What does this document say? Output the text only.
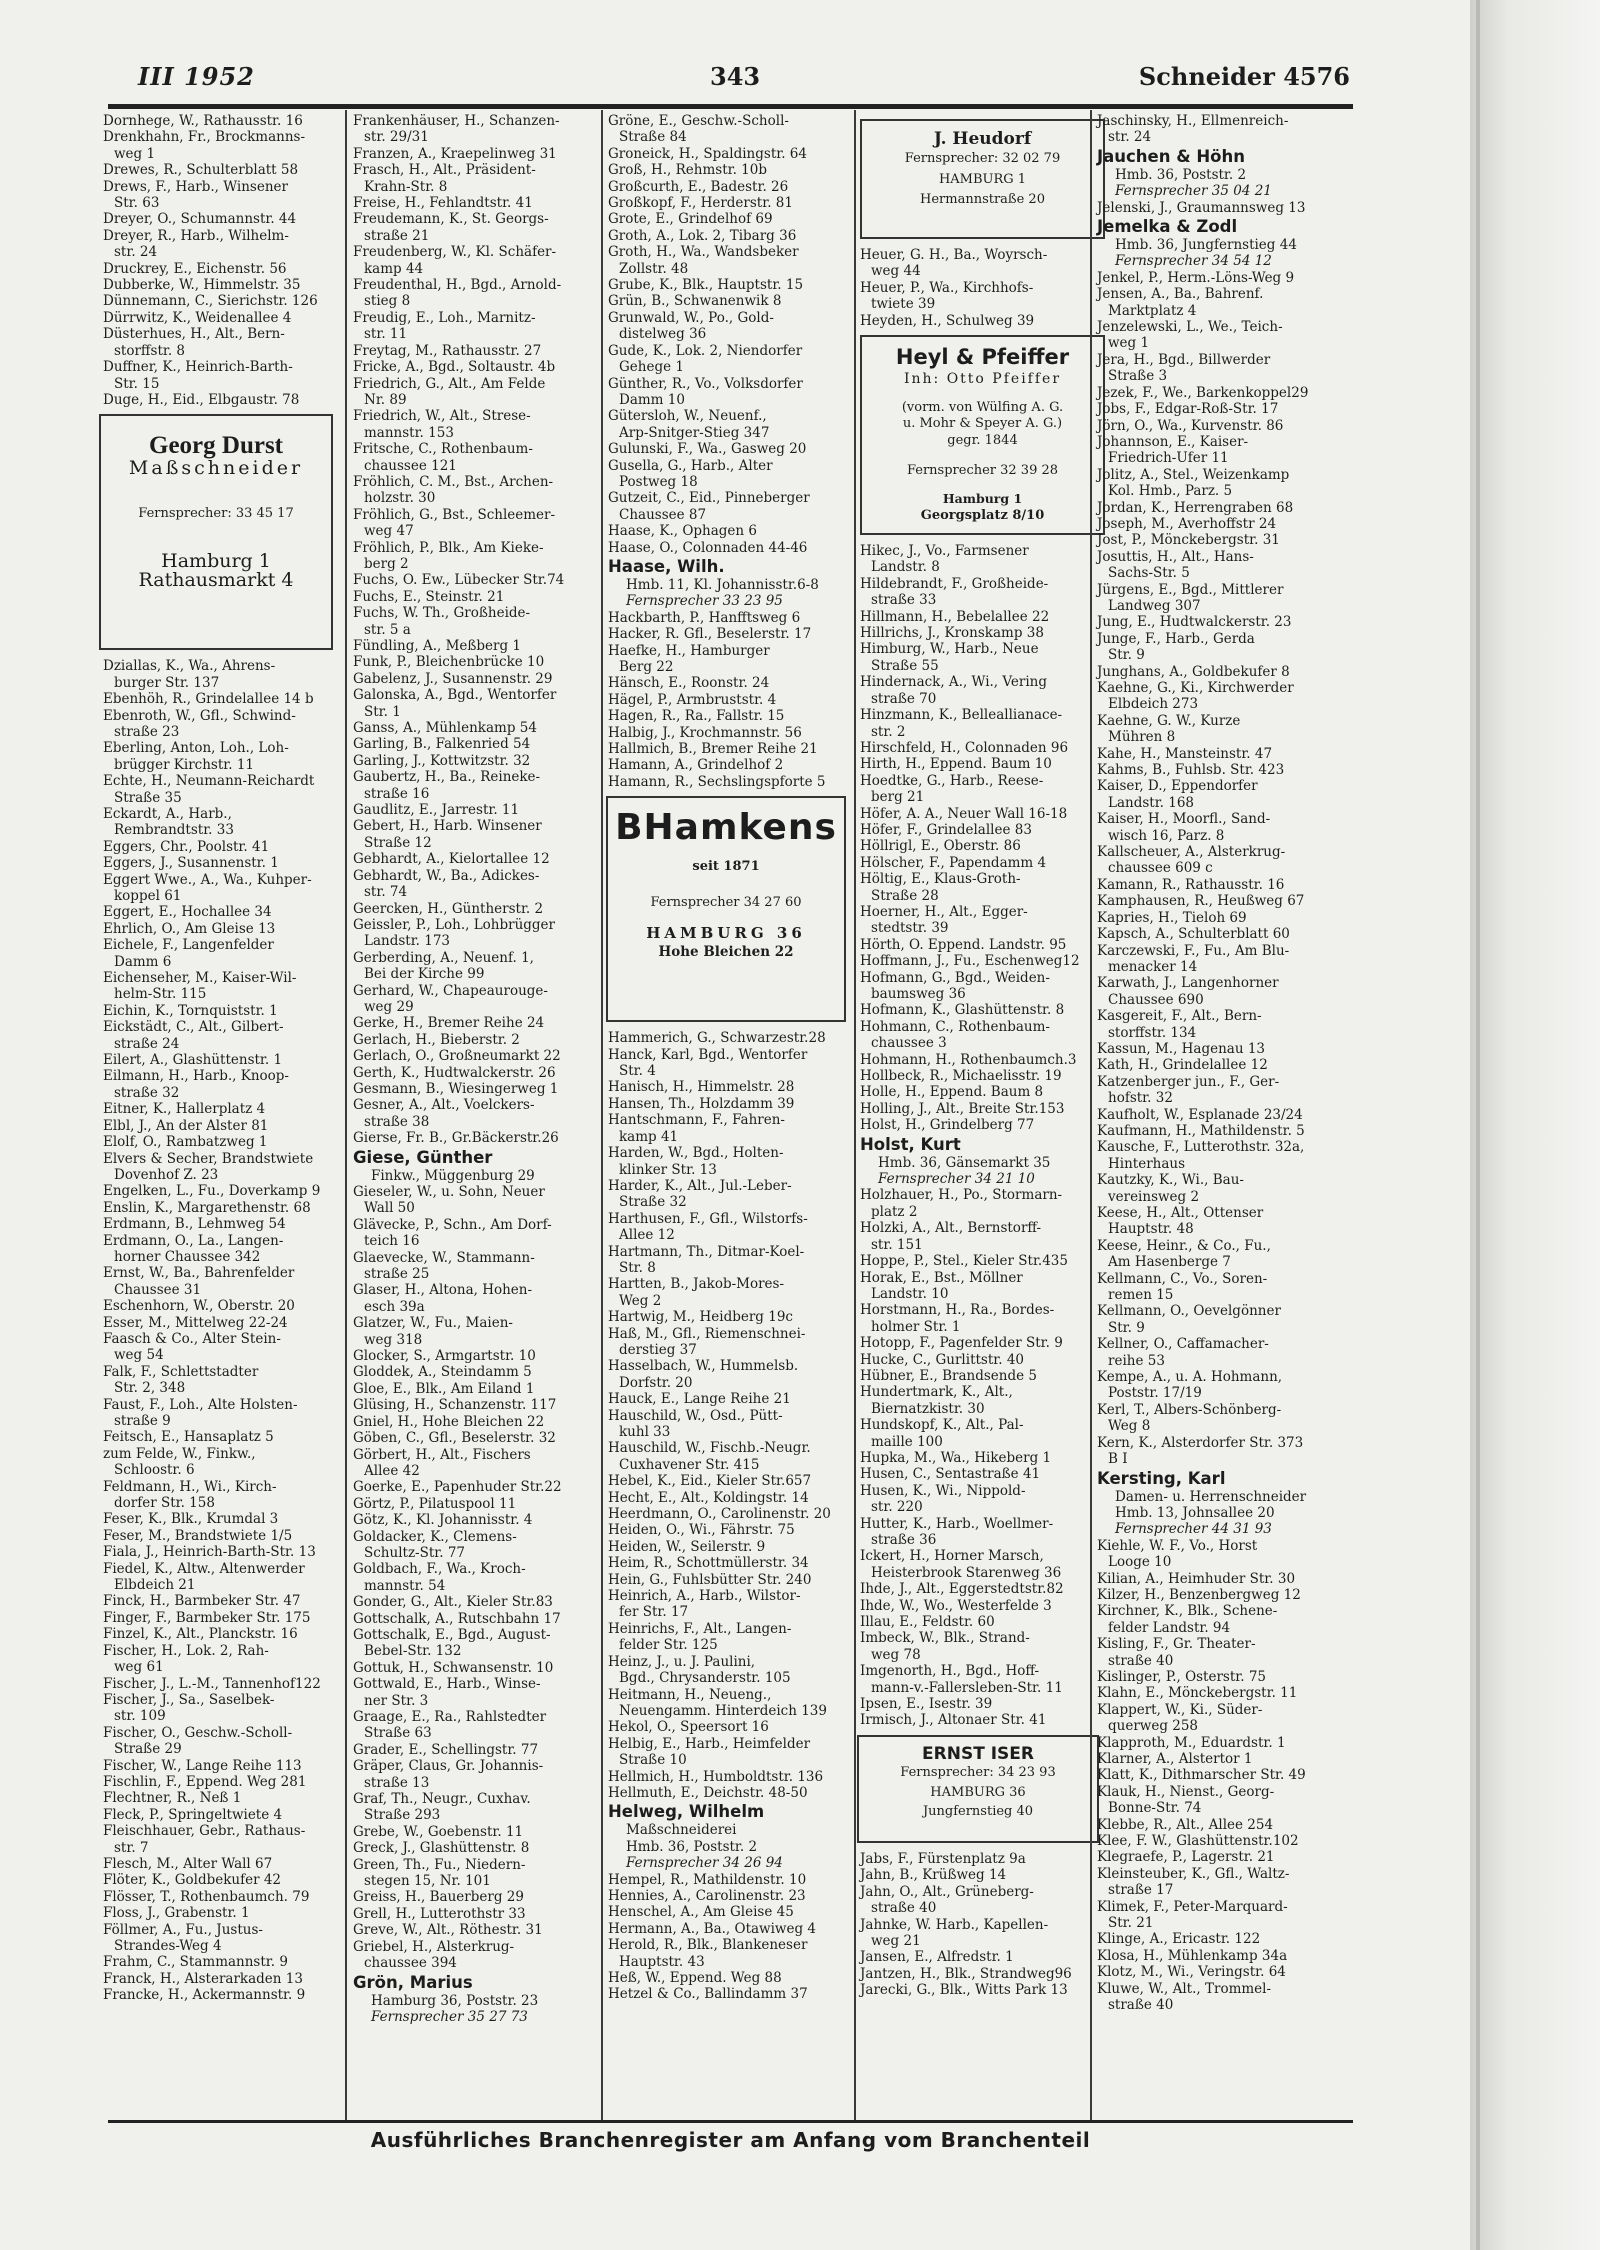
III 1952	343	Schneider 4576

Dornhege, W., Rathausstr. 16

Drenkhahn, Fr., Brockmanns-
weg 1

Drewes, R., Schulterblatt 58

Drews, F., Harb., Winsener
Str. 63

Dreyer, O., Schumannstr. 44

Dreyer, R., Harb., Wilhelm-
str. 24

Druckrey, E., Eichenstr. 56

Dubberke, W., Himmelstr. 35

Dünnemann, C., Sierichstr. 126

Dürrwitz, K., Weidenallee 4

Düsterhues, H., Alt., Bern-
storffstr. 8

Duffner, K., Heinrich-Barth-
Str. 15

Duge, H., Eid., Elbgaustr. 78

Georg Durst
Maßschneider
Fernsprecher: 33 45 17
Hamburg 1
Rathausmarkt 4

Dziallas, K., Wa., Ahrens-
burger Str. 137

Ebenhöh, R., Grindelallee 14 b

Ebenroth, W., Gfl., Schwind-
straße 23

Eberling, Anton, Loh., Loh-
brügger Kirchstr. 11

Echte, H., Neumann-Reichardt
Straße 35

Eckardt, A., Harb.,
Rembrandtstr. 33

Eggers, Chr., Poolstr. 41

Eggers, J., Susannenstr. 1

Eggert Wwe., A., Wa., Kuhper-
koppel 61

Eggert, E., Hochallee 34

Ehrlich, O., Am Gleise 13

Eichele, F., Langenfelder
Damm 6

Eichenseher, M., Kaiser-Wil-
helm-Str. 115

Eichin, K., Tornquiststr. 1

Eickstädt, C., Alt., Gilbert-
straße 24

Eilert, A., Glashüttenstr. 1

Eilmann, H., Harb., Knoop-
straße 32

Eitner, K., Hallerplatz 4

Elbl, J., An der Alster 81

Elolf, O., Rambatzweg 1

Elvers & Secher, Brandstwiete
Dovenhof Z. 23

Engelken, L., Fu., Doverkamp 9

Enslin, K., Margarethenstr. 68

Erdmann, B., Lehmweg 54

Erdmann, O., La., Langen-
horner Chaussee 342

Ernst, W., Ba., Bahrenfelder
Chaussee 31

Eschenhorn, W., Oberstr. 20

Esser, M., Mittelweg 22-24

Faasch & Co., Alter Stein-
weg 54

Falk, F., Schlettstadter
Str. 2, 348

Faust, F., Loh., Alte Holsten-
straße 9

Feitsch, E., Hansaplatz 5

zum Felde, W., Finkw.,
Schloostr. 6

Feldmann, H., Wi., Kirch-
dorfer Str. 158

Feser, K., Blk., Krumdal 3

Feser, M., Brandstwiete 1/5

Fiala, J., Heinrich-Barth-Str. 13

Fiedel, K., Altw., Altenwerder
Elbdeich 21

Finck, H., Barmbeker Str. 47

Finger, F., Barmbeker Str. 175

Finzel, K., Alt., Planckstr. 16

Fischer, H., Lok. 2, Rah-
weg 61

Fischer, J., L.-M., Tannenhof122

Fischer, J., Sa., Saselbek-
str. 109

Fischer, O., Geschw.-Scholl-
Straße 29

Fischer, W., Lange Reihe 113

Fischlin, F., Eppend. Weg 281

Flechtner, R., Neß 1

Fleck, P., Springeltwiete 4

Fleischhauer, Gebr., Rathaus-
str. 7

Flesch, M., Alter Wall 67

Flöter, K., Goldbekufer 42

Flösser, T., Rothenbaumch. 79

Floss, J., Grabenstr. 1

Föllmer, A., Fu., Justus-
Strandes-Weg 4

Frahm, C., Stammannstr. 9

Franck, H., Alsterarkaden 13

Francke, H., Ackermannstr. 9

Frankenhäuser, H., Schanzen-
str. 29/31

Franzen, A., Kraepelinweg 31

Frasch, H., Alt., Präsident-
Krahn-Str. 8

Freise, H., Fehlandtstr. 41

Freudemann, K., St. Georgs-
straße 21

Freudenberg, W., Kl. Schäfer-
kamp 44

Freudenthal, H., Bgd., Arnold-
stieg 8

Freudig, E., Loh., Marnitz-
str. 11

Freytag, M., Rathausstr. 27

Fricke, A., Bgd., Soltaustr. 4b

Friedrich, G., Alt., Am Felde
Nr. 89

Friedrich, W., Alt., Strese-
mannstr. 153

Fritsche, C., Rothenbaum-
chaussee 121

Fröhlich, C. M., Bst., Archen-
holzstr. 30

Fröhlich, G., Bst., Schleemer-
weg 47

Fröhlich, P., Blk., Am Kieke-
berg 2

Fuchs, O. Ew., Lübecker Str.74

Fuchs, E., Steinstr. 21

Fuchs, W. Th., Großheide-
str. 5 a

Fündling, A., Meßberg 1

Funk, P., Bleichenbrücke 10

Gabelenz, J., Susannenstr. 29

Galonska, A., Bgd., Wentorfer
Str. 1

Ganss, A., Mühlenkamp 54

Garling, B., Falkenried 54

Garling, J., Kottwitzstr. 32

Gaubertz, H., Ba., Reineke-
straße 16

Gaudlitz, E., Jarrestr. 11

Gebert, H., Harb. Winsener
Straße 12

Gebhardt, A., Kielortallee 12

Gebhardt, W., Ba., Adickes-
str. 74

Geercken, H., Güntherstr. 2

Geissler, P., Loh., Lohbrügger
Landstr. 173

Gerberding, A., Neuenf. 1,
Bei der Kirche 99

Gerhard, W., Chapeaurouge-
weg 29

Gerke, H., Bremer Reihe 24

Gerlach, H., Bieberstr. 2

Gerlach, O., Großneumarkt 22

Gerth, K., Hudtwalckerstr. 26

Gesmann, B., Wiesingerweg 1

Gesner, A., Alt., Voelckers-
straße 38

Gierse, Fr. B., Gr.Bäckerstr.26

Giese, Günther

Finkw., Müggenburg 29

Gieseler, W., u. Sohn, Neuer
Wall 50

Glävecke, P., Schn., Am Dorf-
teich 16

Glaevecke, W., Stammann-
straße 25

Glaser, H., Altona, Hohen-
esch 39a

Glatzer, W., Fu., Maien-
weg 318

Glocker, S., Armgartstr. 10

Gloddek, A., Steindamm 5

Gloe, E., Blk., Am Eiland 1

Glüsing, H., Schanzenstr. 117

Gniel, H., Hohe Bleichen 22

Göben, C., Gfl., Beselerstr. 32

Görbert, H., Alt., Fischers
Allee 42

Goerke, E., Papenhuder Str.22

Görtz, P., Pilatuspool 11

Götz, K., Kl. Johannisstr. 4

Goldacker, K., Clemens-
Schultz-Str. 77

Goldbach, F., Wa., Kroch-
mannstr. 54

Gonder, G., Alt., Kieler Str.83

Gottschalk, A., Rutschbahn 17

Gottschalk, E., Bgd., August-
Bebel-Str. 132

Gottuk, H., Schwansenstr. 10

Gottwald, E., Harb., Winse-
ner Str. 3

Graage, E., Ra., Rahlstedter
Straße 63

Grader, E., Schellingstr. 77

Gräper, Claus, Gr. Johannis-
straße 13

Graf, Th., Neugr., Cuxhav.
Straße 293

Grebe, W., Goebenstr. 11

Greck, J., Glashüttenstr. 8

Green, Th., Fu., Niedern-
stegen 15, Nr. 101

Greiss, H., Bauerberg 29

Grell, H., Lutterothstr 33

Greve, W., Alt., Röthestr. 31

Griebel, H., Alsterkrug-
chaussee 394

Grön, Marius

Hamburg 36, Poststr. 23

Fernsprecher 35 27 73

Gröne, E., Geschw.-Scholl-
Straße 84

Groneick, H., Spaldingstr. 64

Groß, H., Rehmstr. 10b

Großcurth, E., Badestr. 26

Großkopf, F., Herderstr. 81

Grote, E., Grindelhof 69

Groth, A., Lok. 2, Tibarg 36

Groth, H., Wa., Wandsbeker
Zollstr. 48

Grube, K., Blk., Hauptstr. 15

Grün, B., Schwanenwik 8

Grunwald, W., Po., Gold-
distelweg 36

Gude, K., Lok. 2, Niendorfer
Gehege 1

Günther, R., Vo., Volksdorfer
Damm 10

Gütersloh, W., Neuenf.,
Arp-Snitger-Stieg 347

Gulunski, F., Wa., Gasweg 20

Gusella, G., Harb., Alter
Postweg 18

Gutzeit, C., Eid., Pinneberger
Chaussee 87

Haase, K., Ophagen 6

Haase, O., Colonnaden 44-46

Haase, Wilh.

Hmb. 11, Kl. Johannisstr.6-8

Fernsprecher 33 23 95

Hackbarth, P., Hanfftsweg 6

Hacker, R. Gfl., Beselerstr. 17

Haefke, H., Hamburger
Berg 22

Hänsch, E., Roonstr. 24

Hägel, P., Armbruststr. 4

Hagen, R., Ra., Fallstr. 15

Halbig, J., Krochmannstr. 56

Hallmich, B., Bremer Reihe 21

Hamann, A., Grindelhof 2

Hamann, R., Sechslingspforte 5

BHamkens
seit 1871
Fernsprecher 34 27 60
HAMBURG 36
Hohe Bleichen 22

Hammerich, G., Schwarzestr.28

Hanck, Karl, Bgd., Wentorfer
Str. 4

Hanisch, H., Himmelstr. 28

Hansen, Th., Holzdamm 39

Hantschmann, F., Fahren-
kamp 41

Harden, W., Bgd., Holten-
klinker Str. 13

Harder, K., Alt., Jul.-Leber-
Straße 32

Harthusen, F., Gfl., Wilstorfs-
Allee 12

Hartmann, Th., Ditmar-Koel-
Str. 8

Hartten, B., Jakob-Mores-
Weg 2

Hartwig, M., Heidberg 19c

Haß, M., Gfl., Riemenschnei-
derstieg 37

Hasselbach, W., Hummelsb.
Dorfstr. 20

Hauck, E., Lange Reihe 21

Hauschild, W., Osd., Pütt-
kuhl 33

Hauschild, W., Fischb.-Neugr.
Cuxhavener Str. 415

Hebel, K., Eid., Kieler Str.657

Hecht, E., Alt., Koldingstr. 14

Heerdmann, O., Carolinenstr. 20

Heiden, O., Wi., Fährstr. 75

Heiden, W., Seilerstr. 9

Heim, R., Schottmüllerstr. 34

Hein, G., Fuhlsbütter Str. 240

Heinrich, A., Harb., Wilstor-
fer Str. 17

Heinrichs, F., Alt., Langen-
felder Str. 125

Heinz, J., u. J. Paulini,
Bgd., Chrysanderstr. 105

Heitmann, H., Neueng.,
Neuengamm. Hinterdeich 139

Hekol, O., Speersort 16

Helbig, E., Harb., Heimfelder
Straße 10

Hellmich, H., Humboldtstr. 136

Hellmuth, E., Deichstr. 48-50

Helweg, Wilhelm

Maßschneiderei
Hmb. 36, Poststr. 2

Fernsprecher 34 26 94

Hempel, R., Mathildenstr. 10

Hennies, A., Carolinenstr. 23

Henschel, A., Am Gleise 45

Hermann, A., Ba., Otawiweg 4

Herold, R., Blk., Blankeneser
Hauptstr. 43

Heß, W., Eppend. Weg 88

Hetzel & Co., Ballindamm 37

J. Heudorf
Fernsprecher: 32 02 79
HAMBURG 1
Hermannstraße 20

Heuer, G. H., Ba., Woyrsch-
weg 44

Heuer, P., Wa., Kirchhofs-
twiete 39

Heyden, H., Schulweg 39

Heyl & Pfeiffer
Inh: Otto Pfeiffer
(vorm. von Wülfing A. G.
u. Mohr & Speyer A. G.)
gegr. 1844
Fernsprecher 32 39 28
Hamburg 1
Georgsplatz 8/10

Hikec, J., Vo., Farmsener
Landstr. 8

Hildebrandt, F., Großheide-
straße 33

Hillmann, H., Bebelallee 22

Hillrichs, J., Kronskamp 38

Himburg, W., Harb., Neue
Straße 55

Hindernack, A., Wi., Vering
straße 70

Hinzmann, K., Belleallianace-
str. 2

Hirschfeld, H., Colonnaden 96

Hirth, H., Eppend. Baum 10

Hoedtke, G., Harb., Reese-
berg 21

Höfer, A. A., Neuer Wall 16-18

Höfer, F., Grindelallee 83

Höllrigl, E., Oberstr. 86

Hölscher, F., Papendamm 4

Höltig, E., Klaus-Groth-
Straße 28

Hoerner, H., Alt., Egger-
stedtstr. 39

Hörth, O. Eppend. Landstr. 95

Hoffmann, J., Fu., Eschenweg12

Hofmann, G., Bgd., Weiden-
baumsweg 36

Hofmann, K., Glashüttenstr. 8

Hohmann, C., Rothenbaum-
chaussee 3

Hohmann, H., Rothenbaumch.3

Hollbeck, R., Michaelisstr. 19

Holle, H., Eppend. Baum 8

Holling, J., Alt., Breite Str.153

Holst, H., Grindelberg 77

Holst, Kurt

Hmb. 36, Gänsemarkt 35

Fernsprecher 34 21 10

Holzhauer, H., Po., Stormarn-
platz 2

Holzki, A., Alt., Bernstorff-
str. 151

Hoppe, P., Stel., Kieler Str.435

Horak, E., Bst., Möllner
Landstr. 10

Horstmann, H., Ra., Bordes-
holmer Str. 1

Hotopp, F., Pagenfelder Str. 9

Hucke, C., Gurlittstr. 40

Hübner, E., Brandsende 5

Hundertmark, K., Alt.,
Biernatzkistr. 30

Hundskopf, K., Alt., Pal-
maille 100

Hupka, M., Wa., Hikeberg 1

Husen, C., Sentastraße 41

Husen, K., Wi., Nippold-
str. 220

Hutter, K., Harb., Woellmer-
straße 36

Ickert, H., Horner Marsch,
Heisterbrook Starenweg 36

Ihde, J., Alt., Eggerstedtstr.82

Ihde, W., Wo., Westerfelde 3

Illau, E., Feldstr. 60

Imbeck, W., Blk., Strand-
weg 78

Imgenorth, H., Bgd., Hoff-
mann-v.-Fallersleben-Str. 11

Ipsen, E., Isestr. 39

Irmisch, J., Altonaer Str. 41

ERNST ISER
Fernsprecher: 34 23 93
HAMBURG 36
Jungfernstieg 40

Jabs, F., Fürstenplatz 9a

Jahn, B., Krüßweg 14

Jahn, O., Alt., Grüneberg-
straße 40

Jahnke, W. Harb., Kapellen-
weg 21

Jansen, E., Alfredstr. 1

Jantzen, H., Blk., Strandweg96

Jarecki, G., Blk., Witts Park 13

Jaschinsky, H., Ellmenreich-
str. 24

Jauchen & Höhn

Hmb. 36, Poststr. 2

Fernsprecher 35 04 21

Jelenski, J., Graumannsweg 13

Jemelka & Zodl

Hmb. 36, Jungfernstieg 44

Fernsprecher 34 54 12

Jenkel, P., Herm.-Löns-Weg 9

Jensen, A., Ba., Bahrenf.
Marktplatz 4

Jenzelewski, L., We., Teich-
weg 1

Jera, H., Bgd., Billwerder
Straße 3

Jezek, F., We., Barkenkoppel29

Jobs, F., Edgar-Roß-Str. 17

Jörn, O., Wa., Kurvenstr. 86

Johannson, E., Kaiser-
Friedrich-Ufer 11

Jolitz, A., Stel., Weizenkamp
Kol. Hmb., Parz. 5

Jordan, K., Herrengraben 68

Joseph, M., Averhoffstr 24

Jost, P., Mönckebergstr. 31

Josuttis, H., Alt., Hans-
Sachs-Str. 5

Jürgens, E., Bgd., Mittlerer
Landweg 307

Jung, E., Hudtwalckerstr. 23

Junge, F., Harb., Gerda
Str. 9

Junghans, A., Goldbekufer 8

Kaehne, G., Ki., Kirchwerder
Elbdeich 273

Kaehne, G. W., Kurze
Mühren 8

Kahe, H., Mansteinstr. 47

Kahms, B., Fuhlsb. Str. 423

Kaiser, D., Eppendorfer
Landstr. 168

Kaiser, H., Moorfl., Sand-
wisch 16, Parz. 8

Kallscheuer, A., Alsterkrug-
chaussee 609 c

Kamann, R., Rathausstr. 16

Kamphausen, R., Heußweg 67

Kapries, H., Tieloh 69

Kapsch, A., Schulterblatt 60

Karczewski, F., Fu., Am Blu-
menacker 14

Karwath, J., Langenhorner
Chaussee 690

Kasgereit, F., Alt., Bern-
storffstr. 134

Kassun, M., Hagenau 13

Kath, H., Grindelallee 12

Katzenberger jun., F., Ger-
hofstr. 32

Kaufholt, W., Esplanade 23/24

Kaufmann, H., Mathildenstr. 5

Kausche, F., Lutterothstr. 32a,
Hinterhaus

Kautzky, K., Wi., Bau-
vereinsweg 2

Keese, H., Alt., Ottenser
Hauptstr. 48

Keese, Heinr., & Co., Fu.,
Am Hasenberge 7

Kellmann, C., Vo., Soren-
remen 15

Kellmann, O., Oevelgönner
Str. 9

Kellner, O., Caffamacher-
reihe 53

Kempe, A., u. A. Hohmann,
Poststr. 17/19

Kerl, T., Albers-Schönberg-
Weg 8

Kern, K., Alsterdorfer Str. 373
B I

Kersting, Karl

Damen- u. Herrenschneider
Hmb. 13, Johnsallee 20

Fernsprecher 44 31 93

Kiehle, W. F., Vo., Horst
Looge 10

Kilian, A., Heimhuder Str. 30

Kilzer, H., Benzenbergweg 12

Kirchner, K., Blk., Schene-
felder Landstr. 94

Kisling, F., Gr. Theater-
straße 40

Kislinger, P., Osterstr. 75

Klahn, E., Mönckebergstr. 11

Klappert, W., Ki., Süder-
querweg 258

Klapproth, M., Eduardstr. 1

Klarner, A., Alstertor 1

Klatt, K., Dithmarscher Str. 49

Klauk, H., Nienst., Georg-
Bonne-Str. 74

Klebbe, R., Alt., Allee 254

Klee, F. W., Glashüttenstr.102

Klegraefe, P., Lagerstr. 21

Kleinsteuber, K., Gfl., Waltz-
straße 17

Klimek, F., Peter-Marquard-
Str. 21

Klinge, A., Ericastr. 122

Klosa, H., Mühlenkamp 34a

Klotz, M., Wi., Veringstr. 64

Kluwe, W., Alt., Trommel-
straße 40

Ausführliches Branchenregister am Anfang vom Branchenteil
